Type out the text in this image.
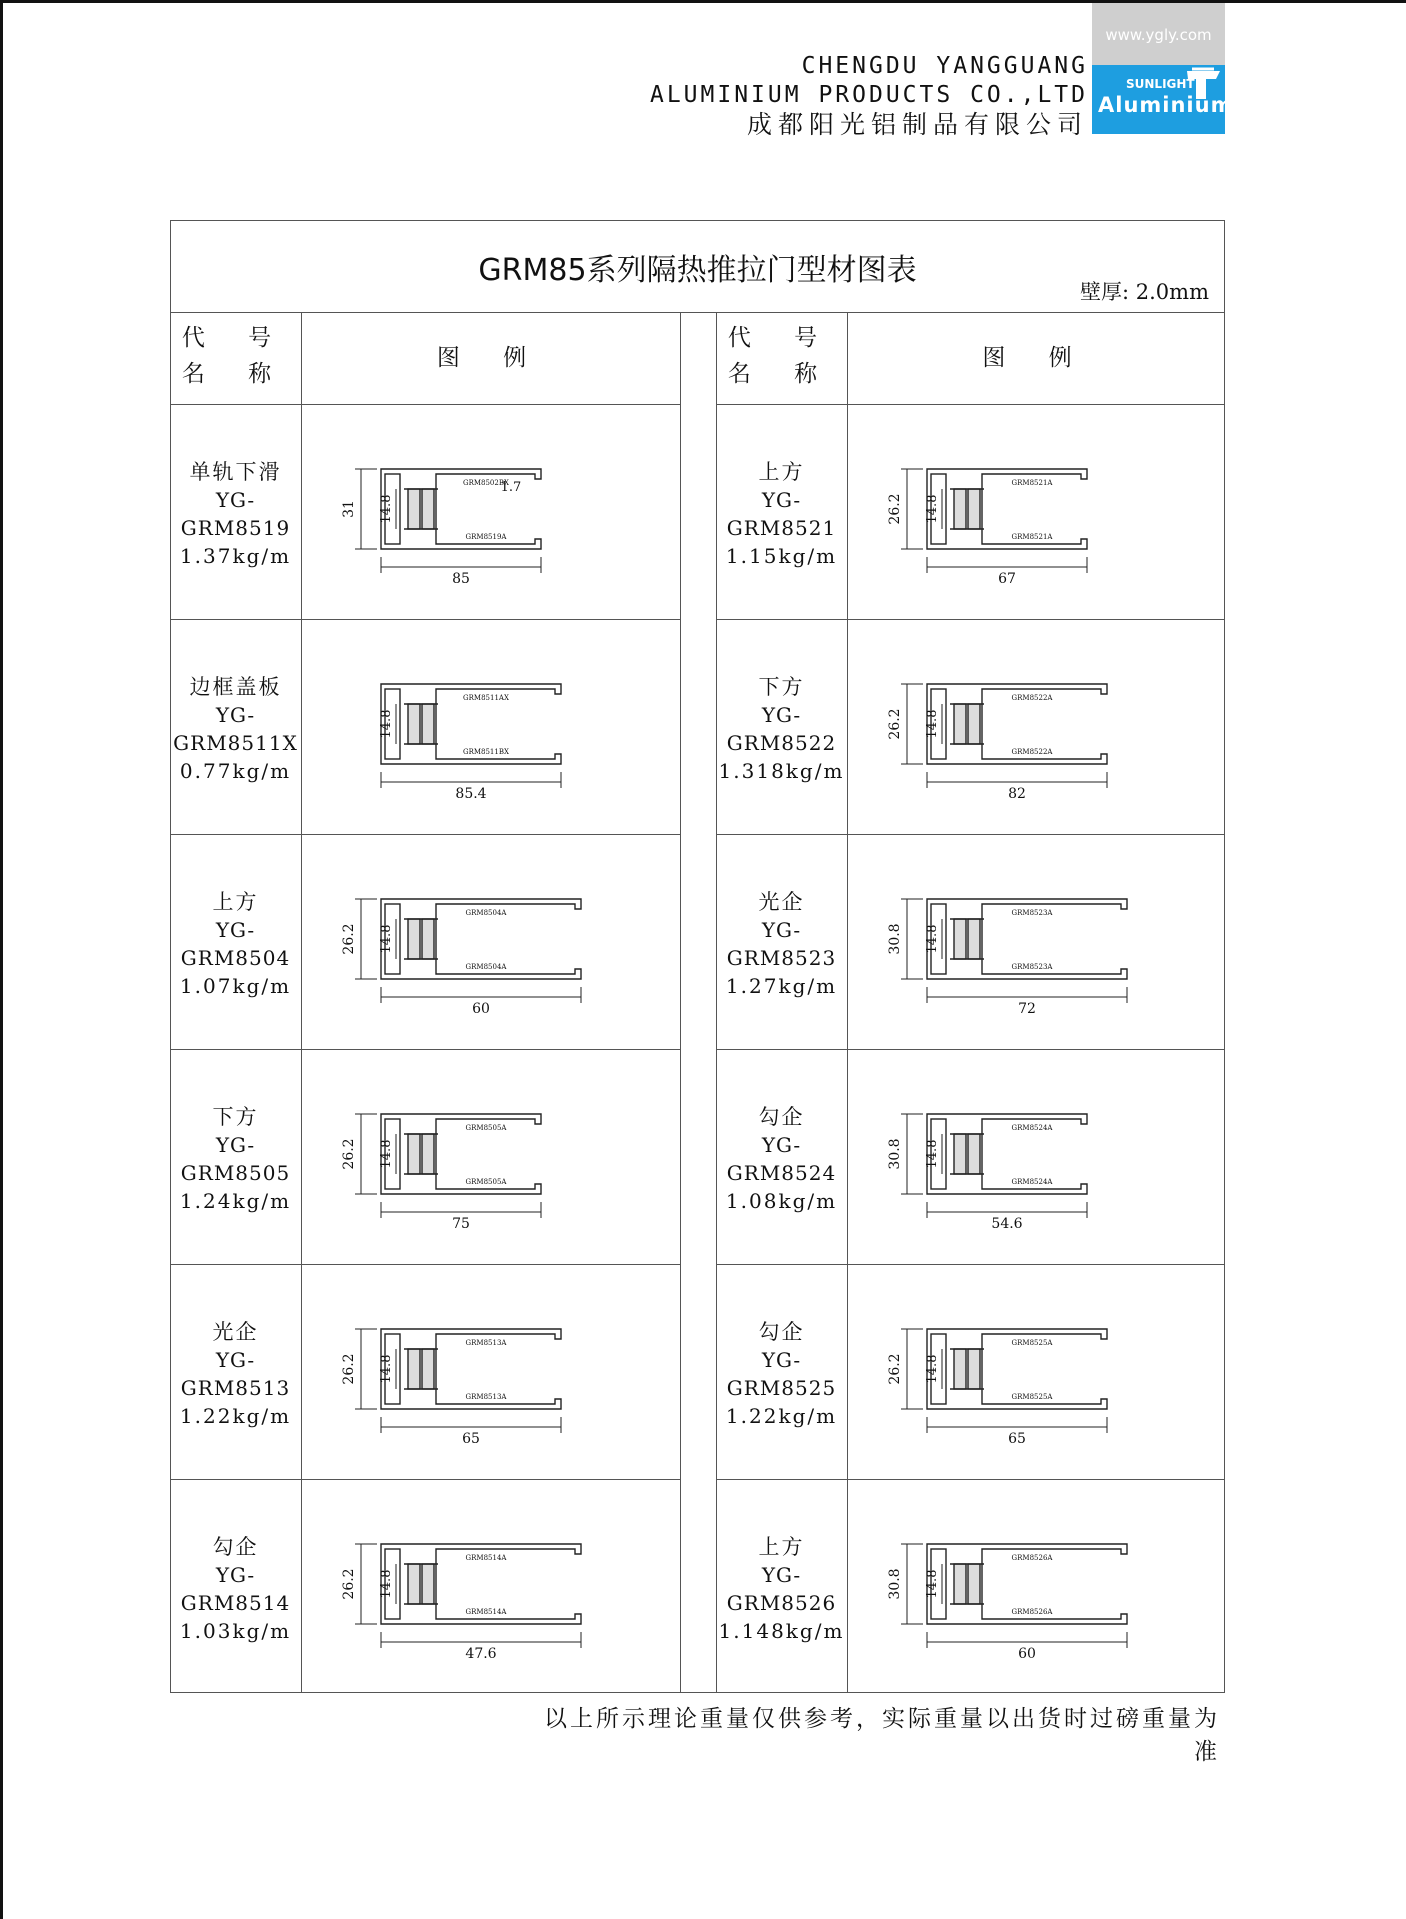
CHENGDU YANGGUANG
ALUMINIUM PRODUCTS CO.,LTD
成都阳光铝制品有限公司
www.ygly.com
SUNLIGHT
Aluminium
GRM85系列隔热推拉门型材图表
壁厚: 2.0mm
代 号
名 称
图 例
代 号
名 称
图 例
单轨下滑
YG-GRM8519
1.37kg/m
85
31 14.8
1.7
GRM8502BX
GRM8519A
边框盖板
YG-GRM8511X
0.77kg/m
85.4
14.8
GRM8511AX
GRM8511BX
上方
YG-GRM8504
1.07kg/m
60
26.2 14.8
GRM8504A
GRM8504A
下方
YG-GRM8505
1.24kg/m
75
26.2 14.8
GRM8505A
GRM8505A
光企
YG-GRM8513
1.22kg/m
65
26.2 14.8
GRM8513A
GRM8513A
勾企
YG-GRM8514
1.03kg/m
47.6
26.2 14.8
GRM8514A
GRM8514A
上方
YG-GRM8521
1.15kg/m
67
26.2 14.8
GRM8521A
GRM8521A
下方
YG-GRM8522
1.318kg/m
82
26.2 14.8
GRM8522A
GRM8522A
光企
YG-GRM8523
1.27kg/m
72
30.8 14.8
GRM8523A
GRM8523A
勾企
YG-GRM8524
1.08kg/m
54.6
30.8 14.8
GRM8524A
GRM8524A
勾企
YG-GRM8525
1.22kg/m
65
26.2 14.8
GRM8525A
GRM8525A
上方
YG-GRM8526
1.148kg/m
60
30.8 14.8
GRM8526A
GRM8526A
以上所示理论重量仅供参考，实际重量以出货时过磅重量为准
